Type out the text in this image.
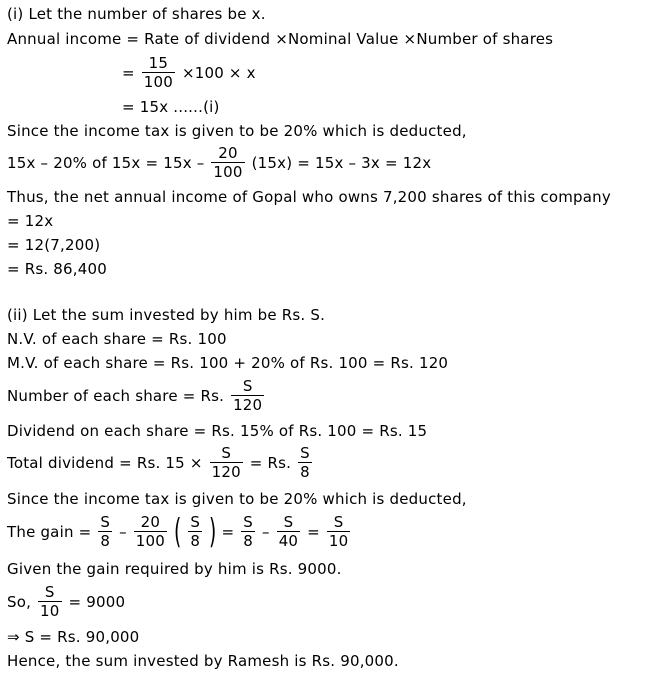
(i) Let the number of shares be x.
Annual income = Rate of dividend ×Nominal Value ×Number of shares
= $\frac{15}{100} \times 100 \times x$
= 15x ......(i)
Since the income tax is given to be 20% which is deducted,
15x – 20% of $15x = 15x - \frac{20}{100} (15x) = 15x - 3x = 12x$
Thus, the net annual income of Gopal who owns 7,200 shares of this company
= 12x
= 12(7,200)
= Rs. 86,400
(ii) Let the sum invested by him be Rs. S.
N.V. of each share = Rs. 100
M.V. of each share = Rs. 100 + 20% of Rs. 100 = Rs. 120
Number of each share = Rs. $\frac{S}{120}$
Dividend on each share = Rs. 15% of Rs. 100 = Rs. 15
Total dividend = Rs. $15 \times \frac{S}{120} = Rs$. $\frac{S}{8}$
Since the income tax is given to be 20% which is deducted,
The gain = $\frac{S}{8} - \frac{20}{100}$ ( $\frac{S}{8}$ ) = $\frac{S}{8} - \frac{S}{40} = \frac{S}{10}$
Given the gain required by him is Rs. 9000.
So, $\frac{S}{10} = 9000$
⇒ S = Rs. 90,000
Hence, the sum invested by Ramesh is Rs. 90,000.
